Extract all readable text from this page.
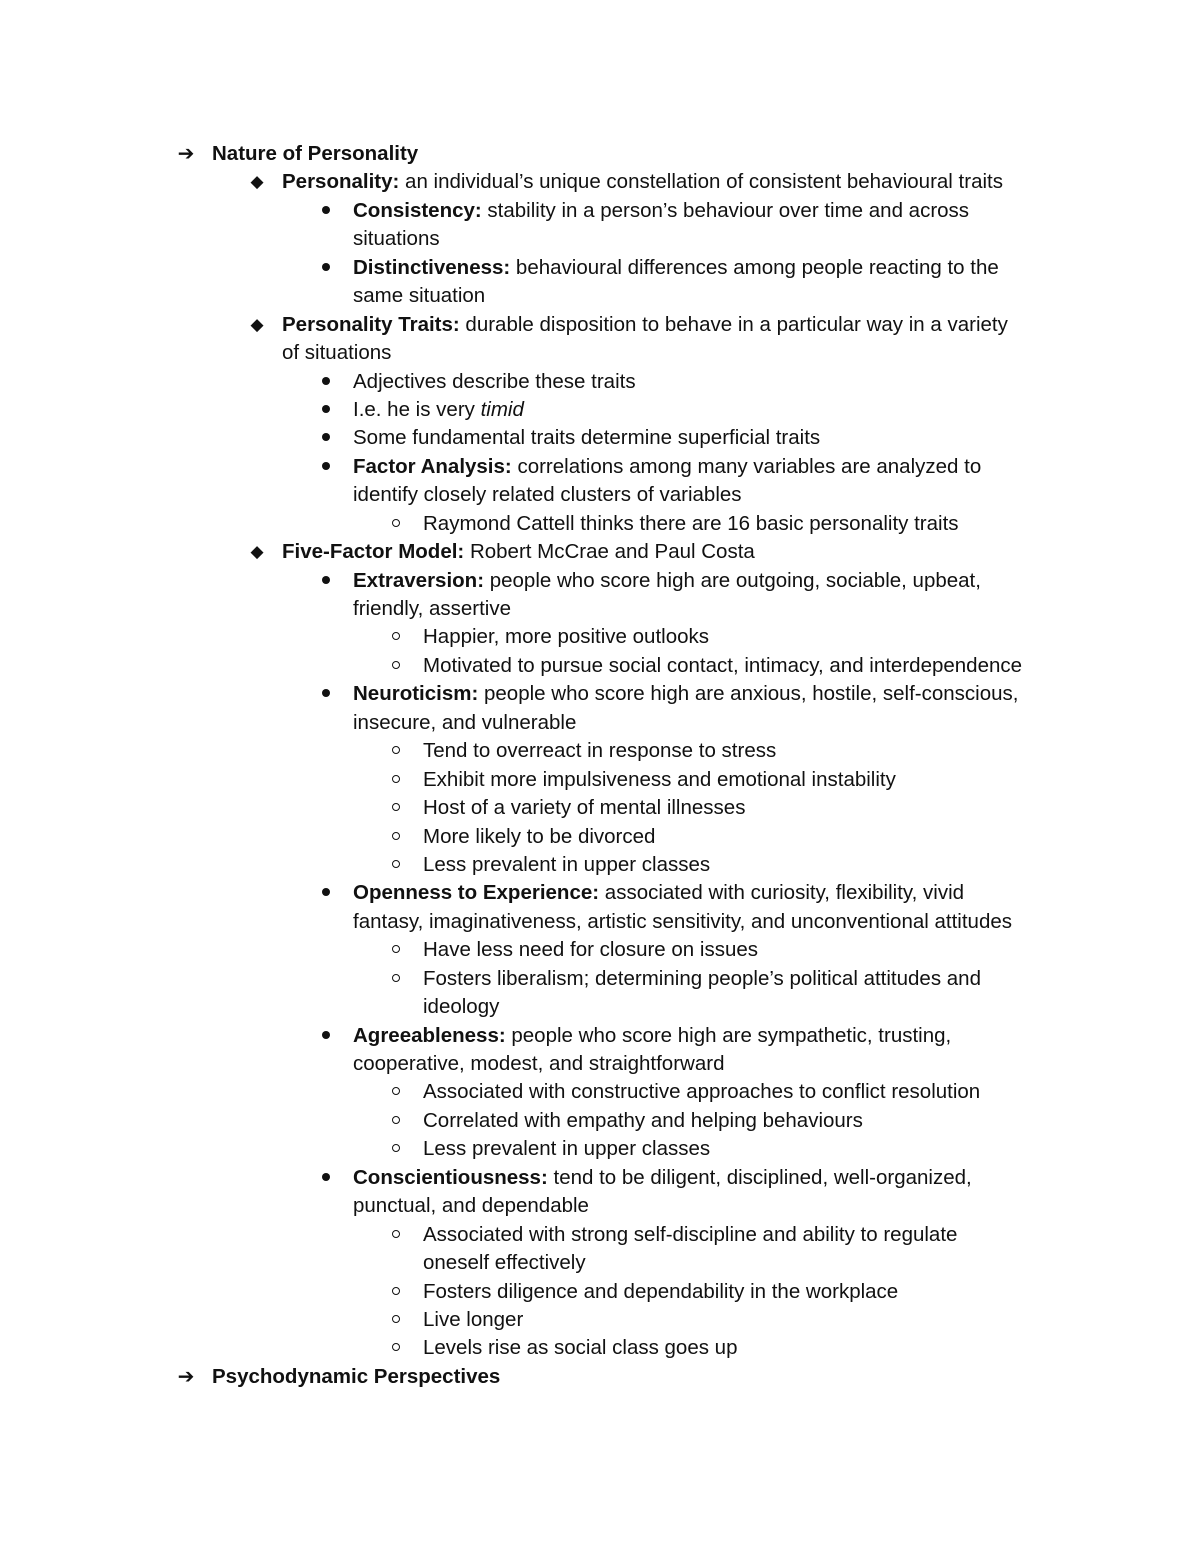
➔ Nature of Personality
◆ Personality: an individual’s unique constellation of consistent behavioural traits
Consistency: stability in a person’s behaviour over time and across
situations
Distinctiveness: behavioural differences among people reacting to the
same situation
◆ Personality Traits: durable disposition to behave in a particular way in a variety
of situations
Adjectives describe these traits
I.e. he is very timid
Some fundamental traits determine superficial traits
Factor Analysis: correlations among many variables are analyzed to
identify closely related clusters of variables
Raymond Cattell thinks there are 16 basic personality traits
◆ Five-Factor Model: Robert McCrae and Paul Costa
Extraversion: people who score high are outgoing, sociable, upbeat,
friendly, assertive
Happier, more positive outlooks
Motivated to pursue social contact, intimacy, and interdependence
Neuroticism: people who score high are anxious, hostile, self-conscious,
insecure, and vulnerable
Tend to overreact in response to stress
Exhibit more impulsiveness and emotional instability
Host of a variety of mental illnesses
More likely to be divorced
Less prevalent in upper classes
Openness to Experience: associated with curiosity, flexibility, vivid
fantasy, imaginativeness, artistic sensitivity, and unconventional attitudes
Have less need for closure on issues
Fosters liberalism; determining people’s political attitudes and
ideology
Agreeableness: people who score high are sympathetic, trusting,
cooperative, modest, and straightforward
Associated with constructive approaches to conflict resolution
Correlated with empathy and helping behaviours
Less prevalent in upper classes
Conscientiousness: tend to be diligent, disciplined, well-organized,
punctual, and dependable
Associated with strong self-discipline and ability to regulate
oneself effectively
Fosters diligence and dependability in the workplace
Live longer
Levels rise as social class goes up
➔ Psychodynamic Perspectives
